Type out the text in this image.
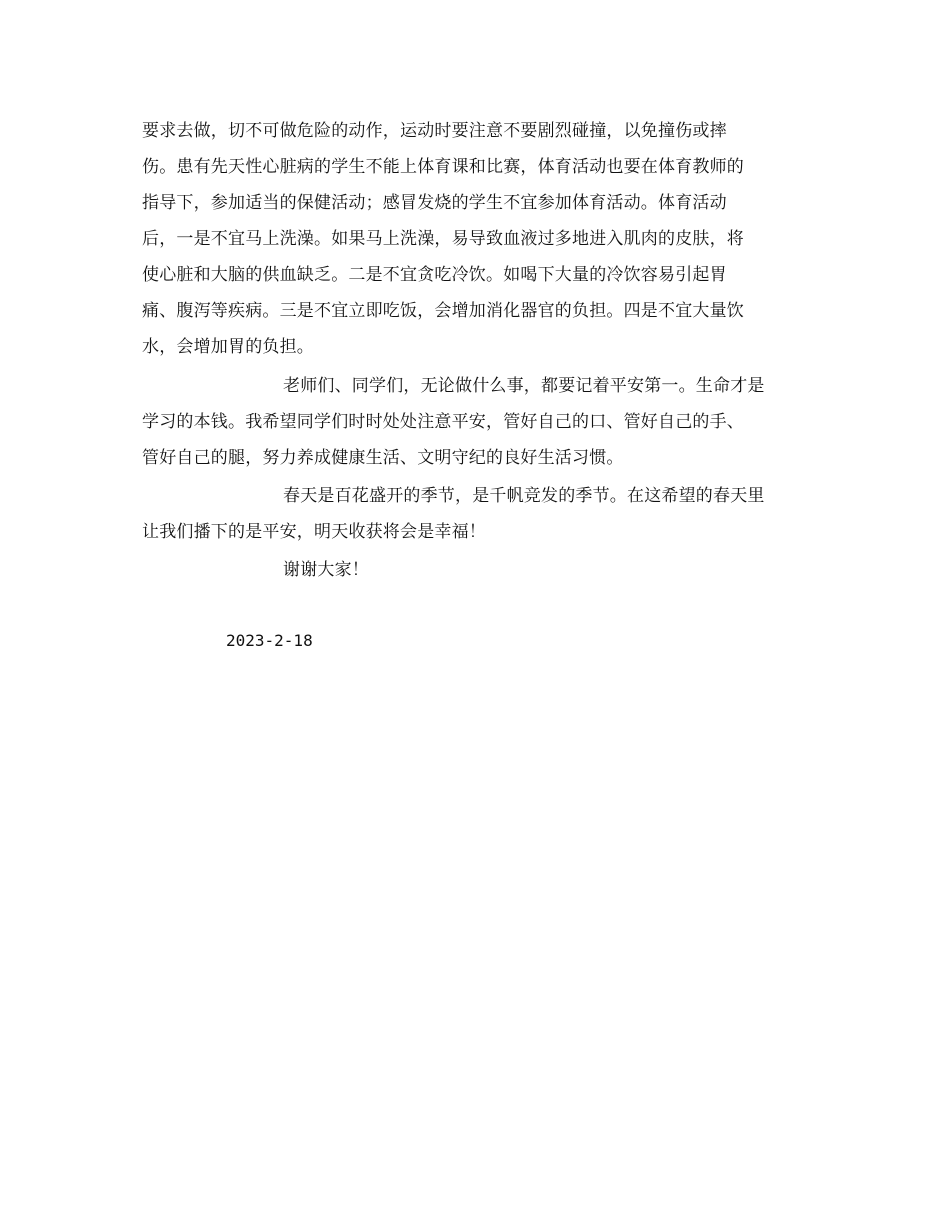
要求去做，切不可做危险的动作，运动时要注意不要剧烈碰撞，以免撞伤或摔
伤。患有先天性心脏病的学生不能上体育课和比赛，体育活动也要在体育教师的
指导下，参加适当的保健活动；感冒发烧的学生不宜参加体育活动。体育活动
后，一是不宜马上洗澡。如果马上洗澡，易导致血液过多地进入肌肉的皮肤，将
使心脏和大脑的供血缺乏。二是不宜贪吃冷饮。如喝下大量的冷饮容易引起胃
痛、腹泻等疾病。三是不宜立即吃饭，会增加消化器官的负担。四是不宜大量饮
水，会增加胃的负担。
老师们、同学们，无论做什么事，都要记着平安第一。生命才是
学习的本钱。我希望同学们时时处处注意平安，管好自己的口、管好自己的手、
管好自己的腿，努力养成健康生活、文明守纪的良好生活习惯。
春天是百花盛开的季节，是千帆竞发的季节。在这希望的春天里
让我们播下的是平安，明天收获将会是幸福！
谢谢大家！
2023-2-18
